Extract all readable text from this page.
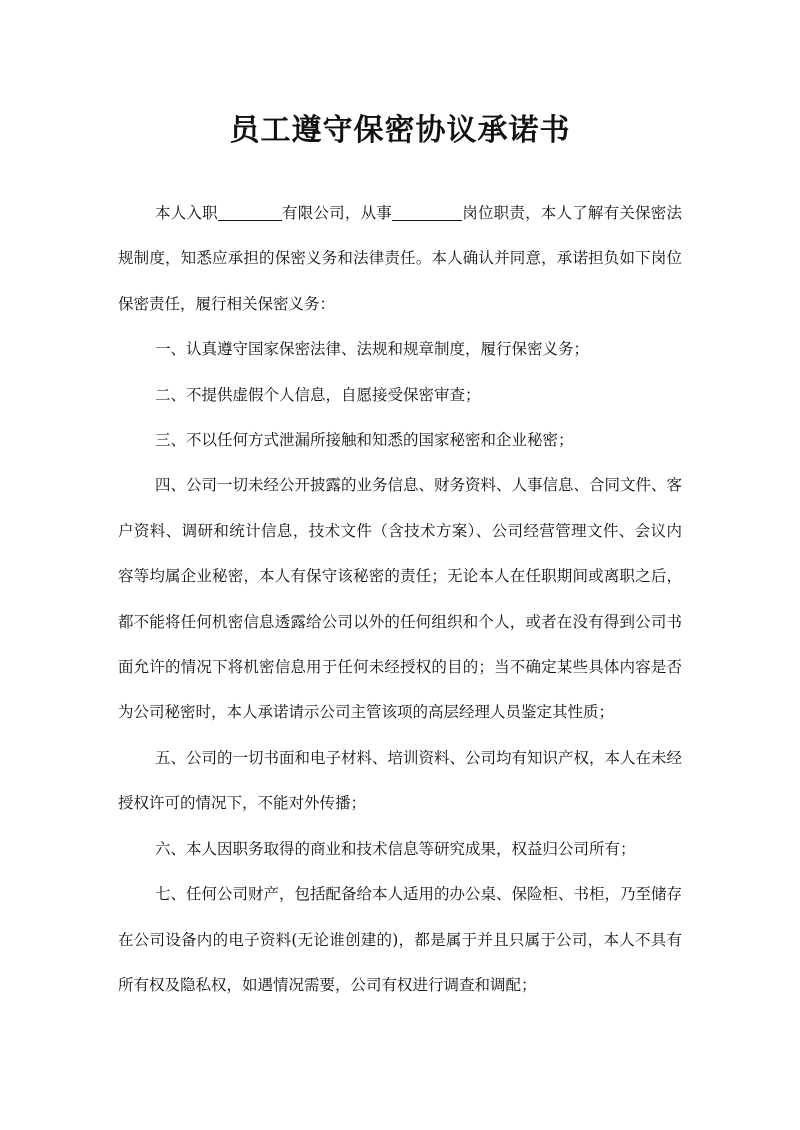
员工遵守保密协议承诺书

本人入职	有限公司，从事	岗位职责，本人了解有关保密法规制度，知悉应承担的保密义务和法律责任。本人确认并同意，承诺担负如下岗位保密责任，履行相关保密义务：

一、认真遵守国家保密法律、法规和规章制度，履行保密义务；

二、不提供虚假个人信息，自愿接受保密审查；

三、不以任何方式泄漏所接触和知悉的国家秘密和企业秘密；

四、公司一切未经公开披露的业务信息、财务资料、人事信息、合同文件、客户资料、调研和统计信息，技术文件（含技术方案）、公司经营管理文件、会议内容等均属企业秘密，本人有保守该秘密的责任；无论本人在任职期间或离职之后，都不能将任何机密信息透露给公司以外的任何组织和个人，或者在没有得到公司书面允许的情况下将机密信息用于任何未经授权的目的；当不确定某些具体内容是否为公司秘密时，本人承诺请示公司主管该项的高层经理人员鉴定其性质；

五、公司的一切书面和电子材料、培训资料、公司均有知识产权，本人在未经授权许可的情况下，不能对外传播；

六、本人因职务取得的商业和技术信息等研究成果，权益归公司所有；

七、任何公司财产，包括配备给本人适用的办公桌、保险柜、书柜，乃至储存在公司设备内的电子资料(无论谁创建的)，都是属于并且只属于公司，本人不具有所有权及隐私权，如遇情况需要，公司有权进行调查和调配；
